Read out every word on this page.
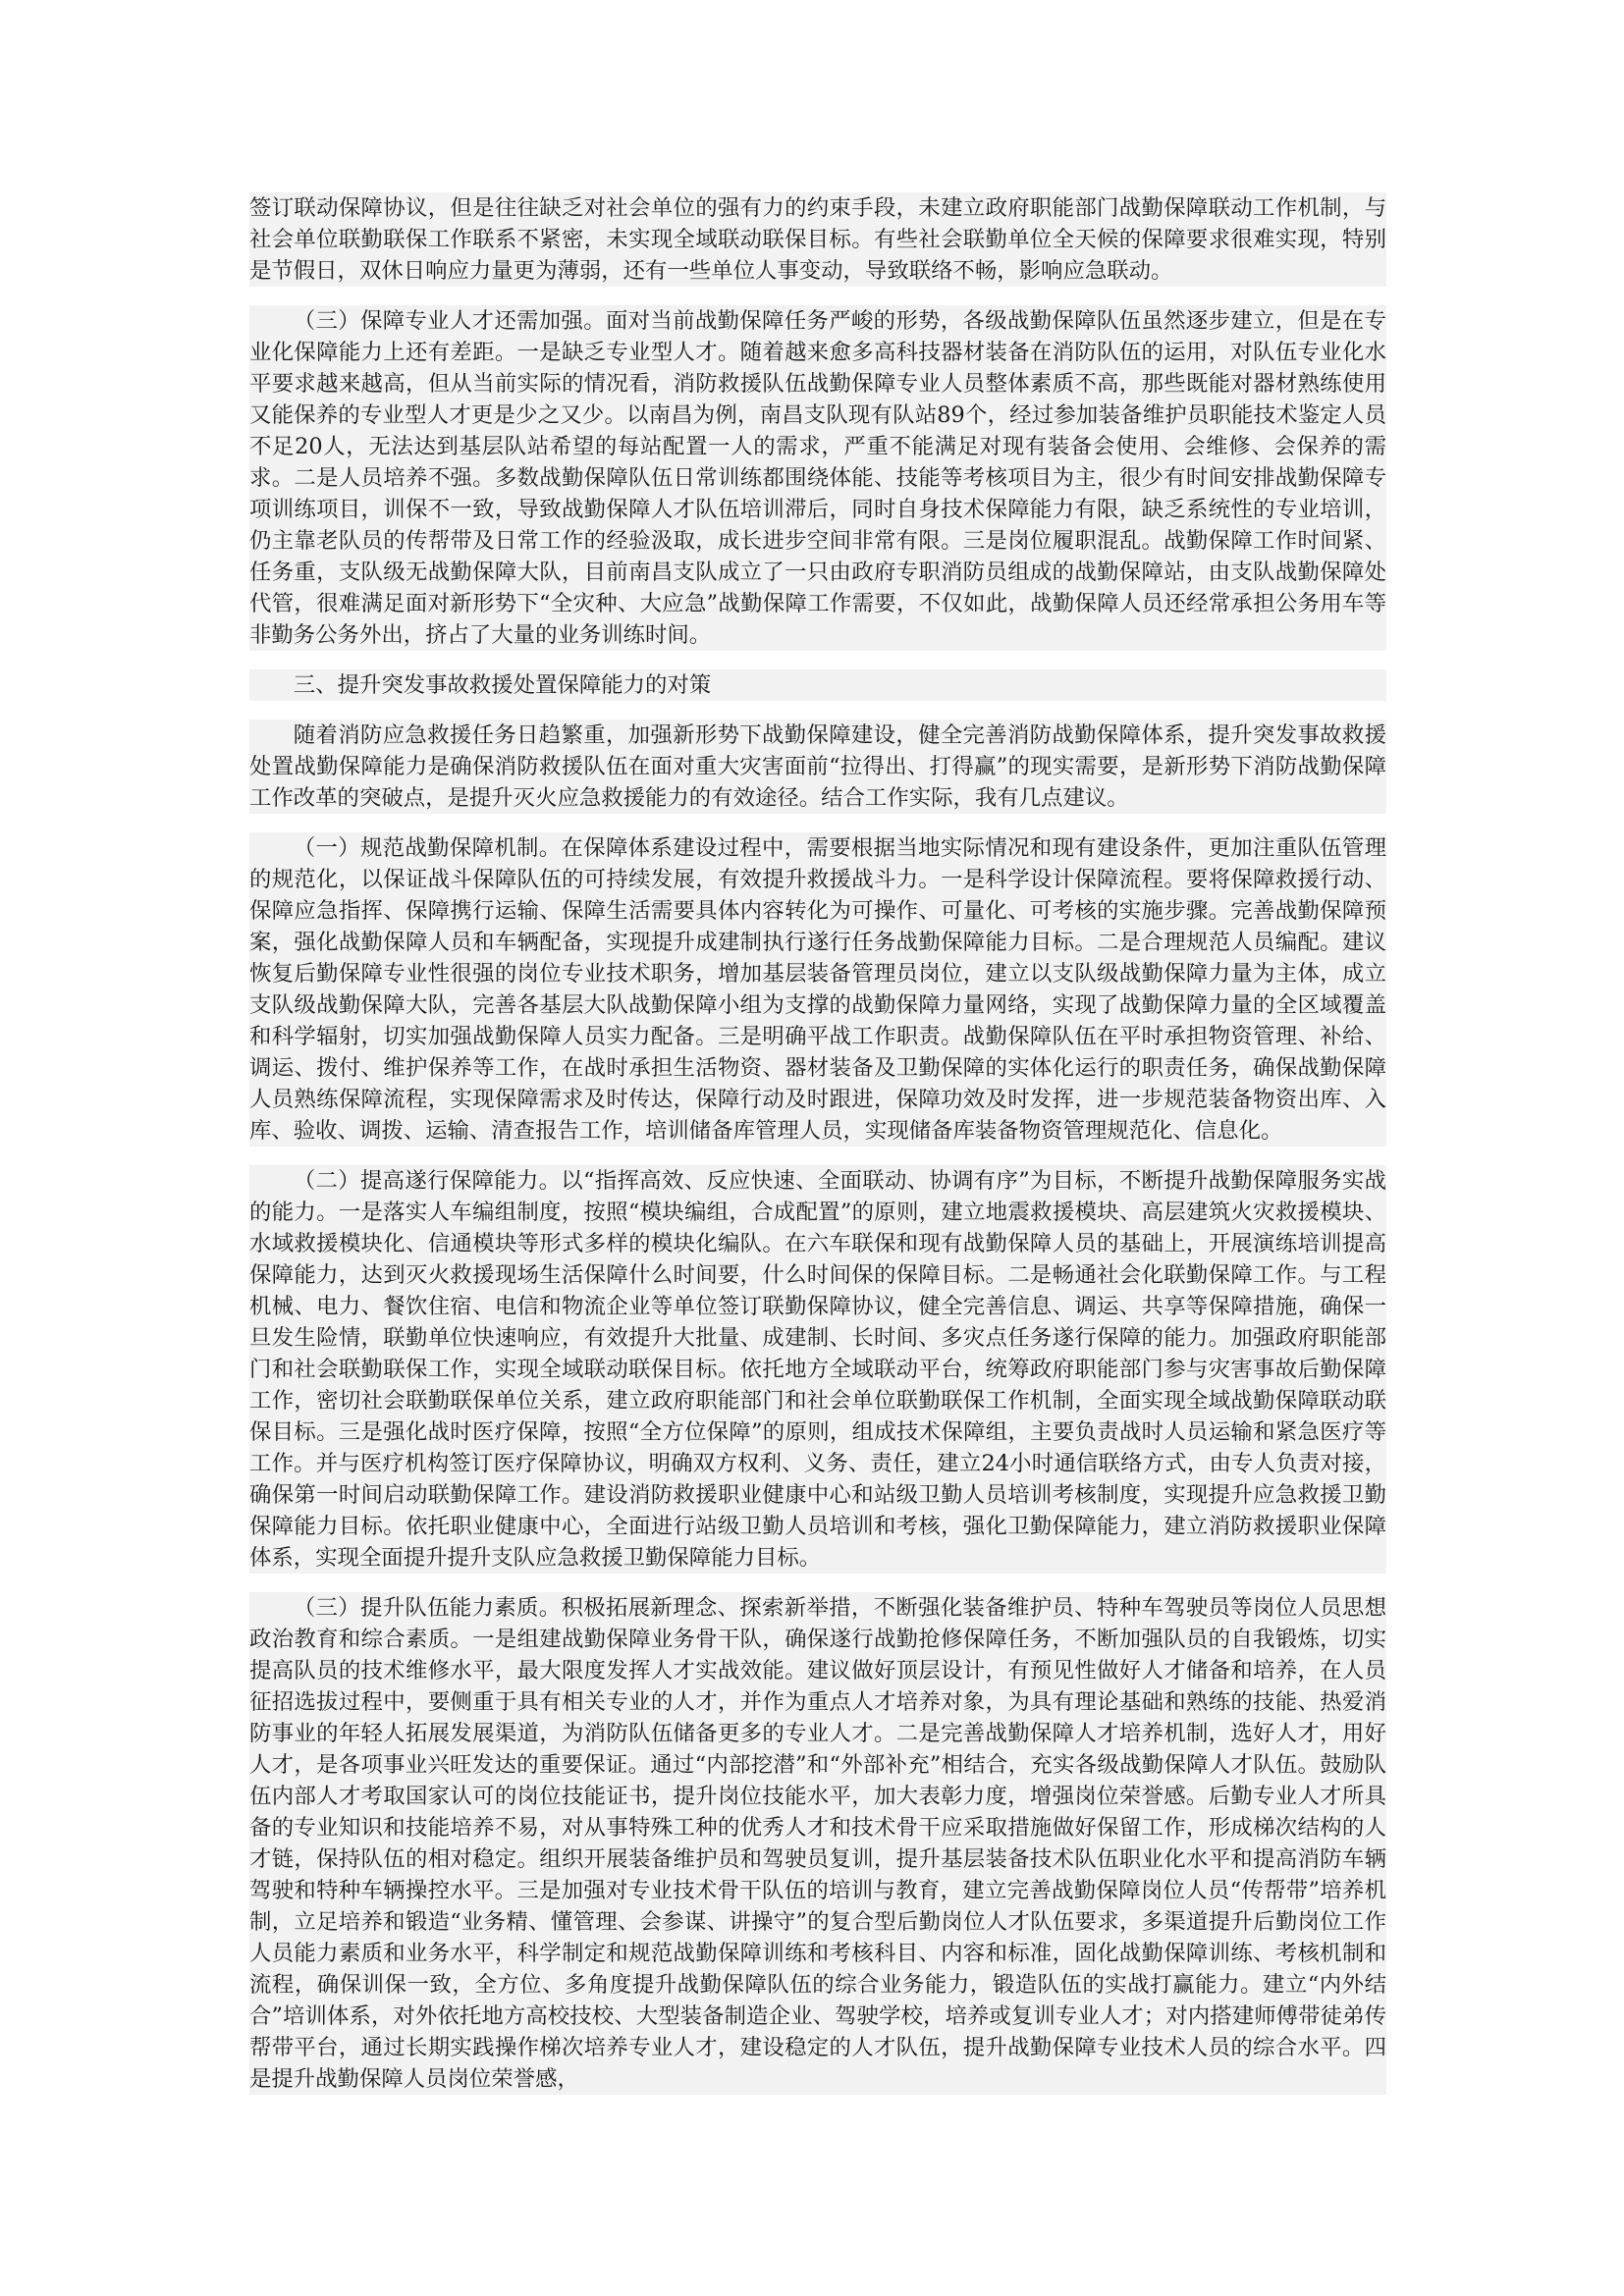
签订联动保障协议，但是往往缺乏对社会单位的强有力的约束手段，未建立政府职能部门战勤保障联动工作机制，与社会单位联勤联保工作联系不紧密，未实现全域联动联保目标。有些社会联勤单位全天候的保障要求很难实现，特别是节假日，双休日响应力量更为薄弱，还有一些单位人事变动，导致联络不畅，影响应急联动。

（三）保障专业人才还需加强。面对当前战勤保障任务严峻的形势，各级战勤保障队伍虽然逐步建立，但是在专业化保障能力上还有差距。一是缺乏专业型人才。随着越来愈多高科技器材装备在消防队伍的运用，对队伍专业化水平要求越来越高，但从当前实际的情况看，消防救援队伍战勤保障专业人员整体素质不高，那些既能对器材熟练使用又能保养的专业型人才更是少之又少。以南昌为例，南昌支队现有队站89个，经过参加装备维护员职能技术鉴定人员不足20人，无法达到基层队站希望的每站配置一人的需求，严重不能满足对现有装备会使用、会维修、会保养的需求。二是人员培养不强。多数战勤保障队伍日常训练都围绕体能、技能等考核项目为主，很少有时间安排战勤保障专项训练项目，训保不一致，导致战勤保障人才队伍培训滞后，同时自身技术保障能力有限，缺乏系统性的专业培训，仍主靠老队员的传帮带及日常工作的经验汲取，成长进步空间非常有限。三是岗位履职混乱。战勤保障工作时间紧、任务重，支队级无战勤保障大队，目前南昌支队成立了一只由政府专职消防员组成的战勤保障站，由支队战勤保障处代管，很难满足面对新形势下“全灾种、大应急”战勤保障工作需要，不仅如此，战勤保障人员还经常承担公务用车等非勤务公务外出，挤占了大量的业务训练时间。

三、提升突发事故救援处置保障能力的对策

随着消防应急救援任务日趋繁重，加强新形势下战勤保障建设，健全完善消防战勤保障体系，提升突发事故救援处置战勤保障能力是确保消防救援队伍在面对重大灾害面前“拉得出、打得赢”的现实需要，是新形势下消防战勤保障工作改革的突破点，是提升灭火应急救援能力的有效途径。结合工作实际，我有几点建议。

（一）规范战勤保障机制。在保障体系建设过程中，需要根据当地实际情况和现有建设条件，更加注重队伍管理的规范化，以保证战斗保障队伍的可持续发展，有效提升救援战斗力。一是科学设计保障流程。要将保障救援行动、保障应急指挥、保障携行运输、保障生活需要具体内容转化为可操作、可量化、可考核的实施步骤。完善战勤保障预案，强化战勤保障人员和车辆配备，实现提升成建制执行遂行任务战勤保障能力目标。二是合理规范人员编配。建议恢复后勤保障专业性很强的岗位专业技术职务，增加基层装备管理员岗位，建立以支队级战勤保障力量为主体，成立支队级战勤保障大队，完善各基层大队战勤保障小组为支撑的战勤保障力量网络，实现了战勤保障力量的全区域覆盖和科学辐射，切实加强战勤保障人员实力配备。三是明确平战工作职责。战勤保障队伍在平时承担物资管理、补给、调运、拨付、维护保养等工作，在战时承担生活物资、器材装备及卫勤保障的实体化运行的职责任务，确保战勤保障人员熟练保障流程，实现保障需求及时传达，保障行动及时跟进，保障功效及时发挥，进一步规范装备物资出库、入库、验收、调拨、运输、清查报告工作，培训储备库管理人员，实现储备库装备物资管理规范化、信息化。

（二）提高遂行保障能力。以“指挥高效、反应快速、全面联动、协调有序”为目标，不断提升战勤保障服务实战的能力。一是落实人车编组制度，按照“模块编组，合成配置”的原则，建立地震救援模块、高层建筑火灾救援模块、水域救援模块化、信通模块等形式多样的模块化编队。在六车联保和现有战勤保障人员的基础上，开展演练培训提高保障能力，达到灭火救援现场生活保障什么时间要，什么时间保的保障目标。二是畅通社会化联勤保障工作。与工程机械、电力、餐饮住宿、电信和物流企业等单位签订联勤保障协议，健全完善信息、调运、共享等保障措施，确保一旦发生险情，联勤单位快速响应，有效提升大批量、成建制、长时间、多灾点任务遂行保障的能力。加强政府职能部门和社会联勤联保工作，实现全域联动联保目标。依托地方全域联动平台，统筹政府职能部门参与灾害事故后勤保障工作，密切社会联勤联保单位关系，建立政府职能部门和社会单位联勤联保工作机制，全面实现全域战勤保障联动联保目标。三是强化战时医疗保障，按照“全方位保障”的原则，组成技术保障组，主要负责战时人员运输和紧急医疗等工作。并与医疗机构签订医疗保障协议，明确双方权利、义务、责任，建立24小时通信联络方式，由专人负责对接，确保第一时间启动联勤保障工作。建设消防救援职业健康中心和站级卫勤人员培训考核制度，实现提升应急救援卫勤保障能力目标。依托职业健康中心，全面进行站级卫勤人员培训和考核，强化卫勤保障能力，建立消防救援职业保障体系，实现全面提升提升支队应急救援卫勤保障能力目标。

（三）提升队伍能力素质。积极拓展新理念、探索新举措，不断强化装备维护员、特种车驾驶员等岗位人员思想政治教育和综合素质。一是组建战勤保障业务骨干队，确保遂行战勤抢修保障任务，不断加强队员的自我锻炼，切实提高队员的技术维修水平，最大限度发挥人才实战效能。建议做好顶层设计，有预见性做好人才储备和培养，在人员征招选拔过程中，要侧重于具有相关专业的人才，并作为重点人才培养对象，为具有理论基础和熟练的技能、热爱消防事业的年轻人拓展发展渠道，为消防队伍储备更多的专业人才。二是完善战勤保障人才培养机制，选好人才，用好人才，是各项事业兴旺发达的重要保证。通过“内部挖潜”和“外部补充”相结合，充实各级战勤保障人才队伍。鼓励队伍内部人才考取国家认可的岗位技能证书，提升岗位技能水平，加大表彰力度，增强岗位荣誉感。后勤专业人才所具备的专业知识和技能培养不易，对从事特殊工种的优秀人才和技术骨干应采取措施做好保留工作，形成梯次结构的人才链，保持队伍的相对稳定。组织开展装备维护员和驾驶员复训，提升基层装备技术队伍职业化水平和提高消防车辆驾驶和特种车辆操控水平。三是加强对专业技术骨干队伍的培训与教育，建立完善战勤保障岗位人员“传帮带”培养机制，立足培养和锻造“业务精、懂管理、会参谋、讲操守”的复合型后勤岗位人才队伍要求，多渠道提升后勤岗位工作人员能力素质和业务水平，科学制定和规范战勤保障训练和考核科目、内容和标准，固化战勤保障训练、考核机制和流程，确保训保一致，全方位、多角度提升战勤保障队伍的综合业务能力，锻造队伍的实战打赢能力。建立“内外结合”培训体系，对外依托地方高校技校、大型装备制造企业、驾驶学校，培养或复训专业人才；对内搭建师傅带徒弟传帮带平台，通过长期实践操作梯次培养专业人才，建设稳定的人才队伍，提升战勤保障专业技术人员的综合水平。四是提升战勤保障人员岗位荣誉感，
